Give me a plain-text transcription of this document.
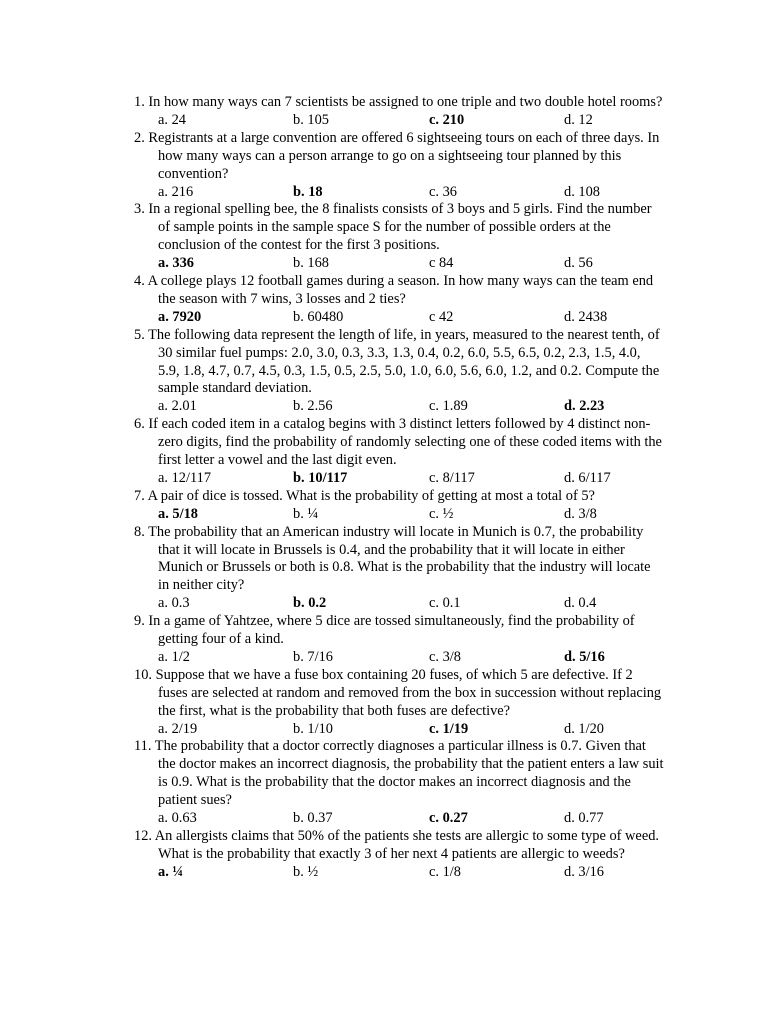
1. In how many ways can 7 scientists be assigned to one triple and two double hotel rooms?
a. 24	b. 105	c. 210	d. 12
2. Registrants at a large convention are offered 6 sightseeing tours on each of three days. In how many ways can a person arrange to go on a sightseeing tour planned by this convention?
a. 216	b. 18	c. 36	d. 108
3. In a regional spelling bee, the 8 finalists consists of 3 boys and 5 girls. Find the number of sample points in the sample space S for the number of possible orders at the conclusion of the contest for the first 3 positions.
a. 336	b. 168	c 84	d. 56
4. A college plays 12 football games during a season. In how many ways can the team end the season with 7 wins, 3 losses and 2 ties?
a. 7920	b. 60480	c 42	d. 2438
5. The following data represent the length of life, in years, measured to the nearest tenth, of 30 similar fuel pumps: 2.0, 3.0, 0.3, 3.3, 1.3, 0.4, 0.2, 6.0, 5.5, 6.5, 0.2, 2.3, 1.5, 4.0, 5.9, 1.8, 4.7, 0.7, 4.5, 0.3, 1.5, 0.5, 2.5, 5.0, 1.0, 6.0, 5.6, 6.0, 1.2, and 0.2. Compute the sample standard deviation.
a. 2.01	b. 2.56	c. 1.89	d. 2.23
6. If each coded item in a catalog begins with 3 distinct letters followed by 4 distinct non-zero digits, find the probability of randomly selecting one of these coded items with the first letter a vowel and the last digit even.
a. 12/117	b. 10/117	c. 8/117	d. 6/117
7. A pair of dice is tossed. What is the probability of getting at most a total of 5?
a. 5/18	b. ¼	c. ½	d. 3/8
8. The probability that an American industry will locate in Munich is 0.7, the probability that it will locate in Brussels is 0.4, and the probability that it will locate in either Munich or Brussels or both is 0.8. What is the probability that the industry will locate in neither city?
a. 0.3	b. 0.2	c. 0.1	d. 0.4
9. In a game of Yahtzee, where 5 dice are tossed simultaneously, find the probability of getting four of a kind.
a. 1/2	b. 7/16	c. 3/8	d. 5/16
10. Suppose that we have a fuse box containing 20 fuses, of which 5 are defective. If 2 fuses are selected at random and removed from the box in succession without replacing the first, what is the probability that both fuses are defective?
a. 2/19	b. 1/10	c. 1/19	d. 1/20
11. The probability that a doctor correctly diagnoses a particular illness is 0.7. Given that the doctor makes an incorrect diagnosis, the probability that the patient enters a law suit is 0.9. What is the probability that the doctor makes an incorrect diagnosis and the patient sues?
a. 0.63	b. 0.37	c. 0.27	d. 0.77
12. An allergists claims that 50% of the patients she tests are allergic to some type of weed. What is the probability that exactly 3 of her next 4 patients are allergic to weeds?
a. ¼	b. ½	c. 1/8	d. 3/16
